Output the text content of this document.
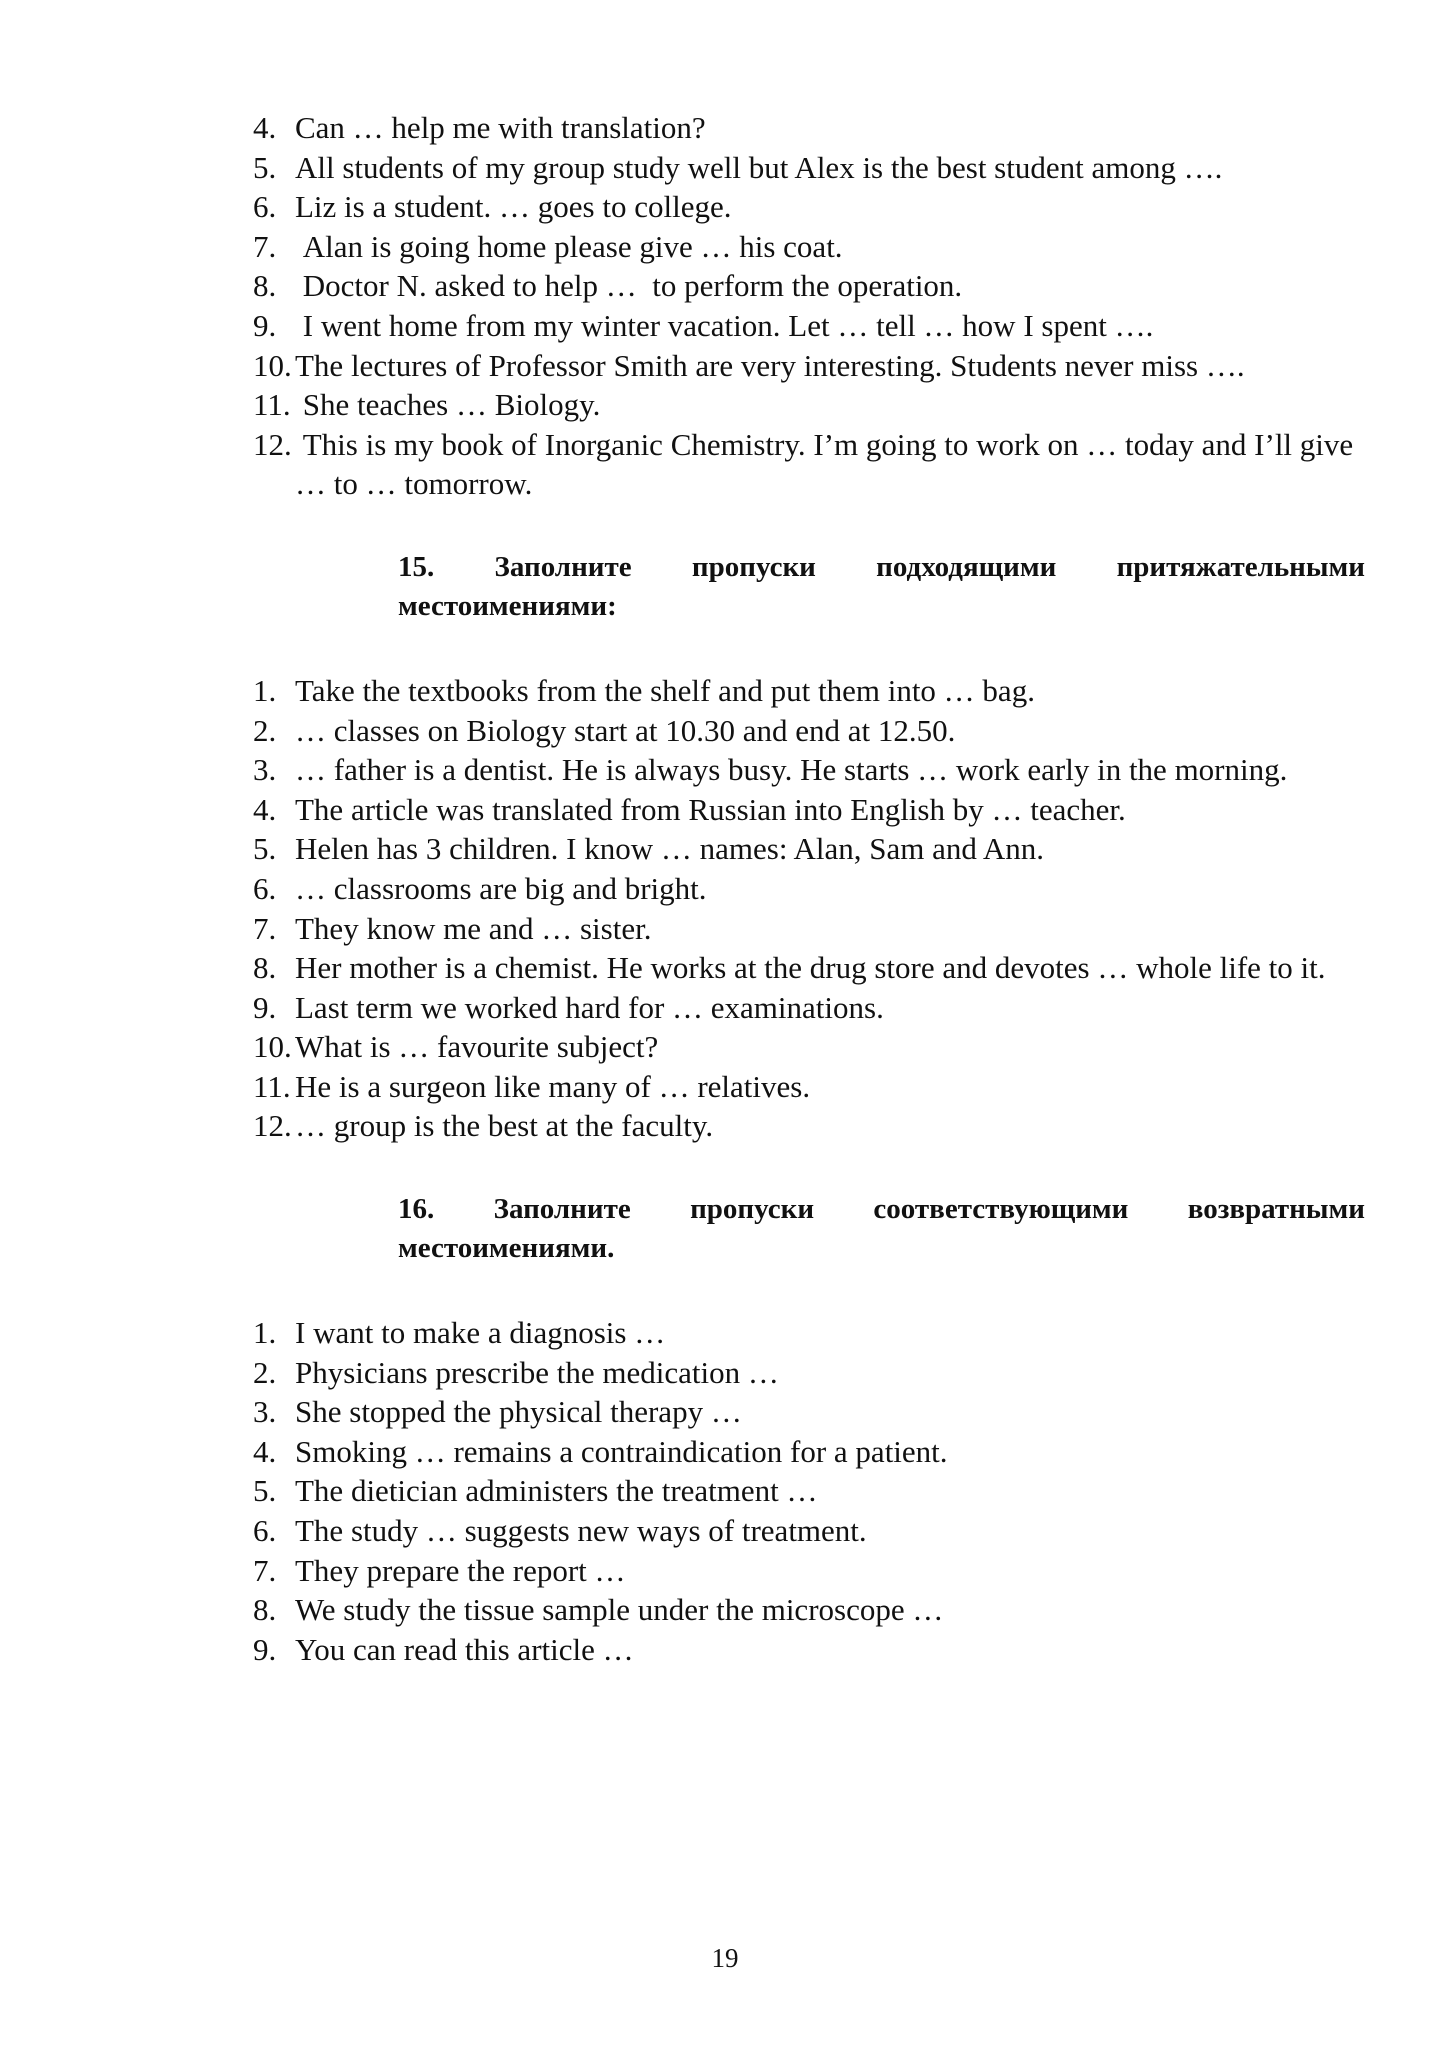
4. Can … help me with translation?
5. All students of my group study well but Alex is the best student among ….
6. Liz is a student. … goes to college.
7. Alan is going home please give … his coat.
8. Doctor N. asked to help …  to perform the operation.
9. I went home from my winter vacation. Let … tell … how I spent ….
10. The lectures of Professor Smith are very interesting. Students never miss ….
11. She teaches … Biology.
12. This is my book of Inorganic Chemistry. I’m going to work on … today and I’ll give … to … tomorrow.
15. Заполните пропуски подходящими притяжательными местоимениями:
1. Take the textbooks from the shelf and put them into … bag.
2. … classes on Biology start at 10.30 and end at 12.50.
3. … father is a dentist. He is always busy. He starts … work early in the morning.
4. The article was translated from Russian into English by … teacher.
5. Helen has 3 children. I know … names: Alan, Sam and Ann.
6. … classrooms are big and bright.
7. They know me and … sister.
8. Her mother is a chemist. He works at the drug store and devotes … whole life to it.
9. Last term we worked hard for … examinations.
10. What is … favourite subject?
11. He is a surgeon like many of … relatives.
12. … group is the best at the faculty.
16. Заполните пропуски соответствующими возвратными местоимениями.
1. I want to make a diagnosis …
2. Physicians prescribe the medication …
3. She stopped the physical therapy …
4. Smoking … remains a contraindication for a patient.
5. The dietician administers the treatment …
6. The study … suggests new ways of treatment.
7. They prepare the report …
8. We study the tissue sample under the microscope …
9. You can read this article …
19
